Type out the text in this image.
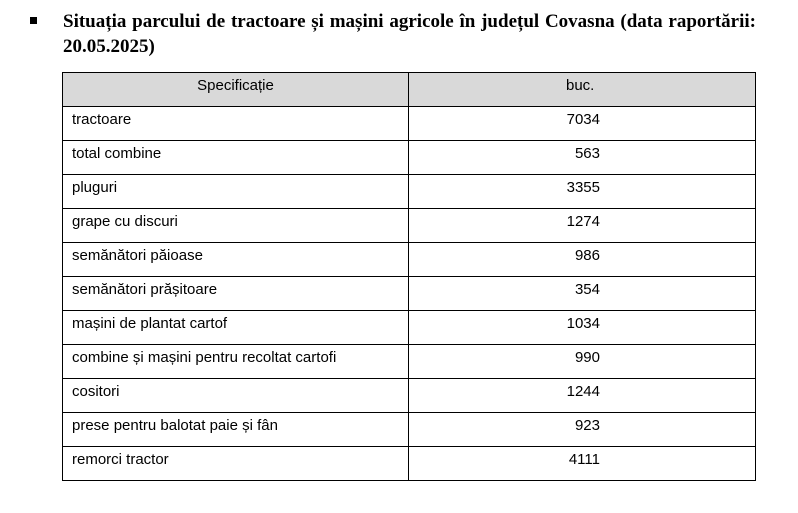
Situația parcului de tractoare și mașini agricole în județul Covasna (data raportării: 20.05.2025)
Specificație	buc.

tractoare	7034

total combine	563

pluguri	3355

grape cu discuri	1274

semănători păioase	986

semănători prășitoare	354

mașini de plantat cartof	1034

combine și mașini pentru recoltat cartofi	990

cositori	1244

prese pentru balotat paie și fân	923

remorci tractor	4111
